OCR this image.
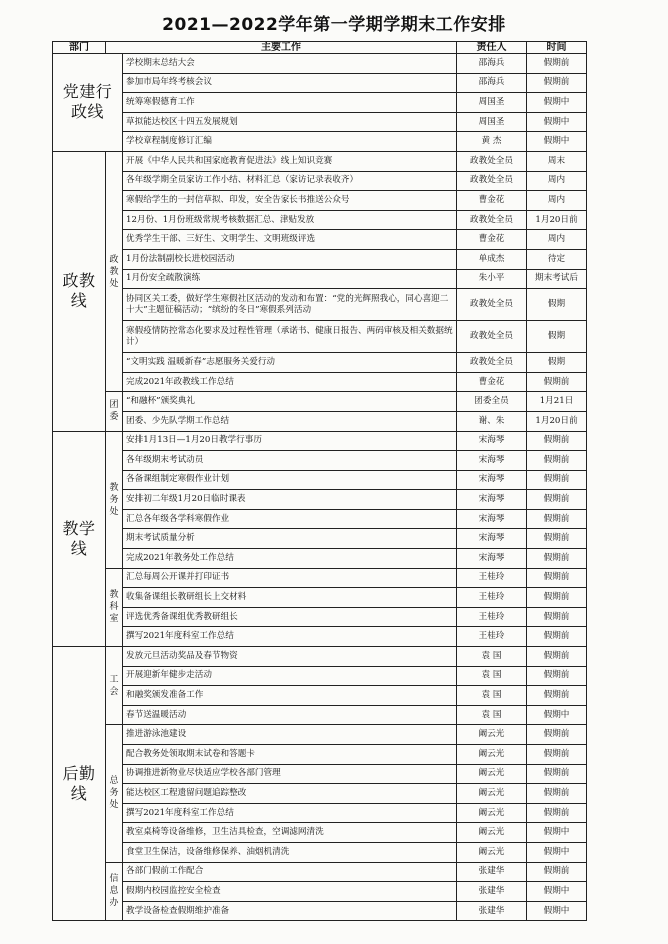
2021—2022学年第一学期学期末工作安排
部门	主要工作		责任人	时间
党建行政线		学校期末总结大会	邵海兵	假期前
		参加市局年终考核会议	邵海兵	假期前
		统筹寒假德育工作	周国圣	假期中
		草拟能达校区十四五发展规划	周国圣	假期中
		学校章程制度修订汇编	黄 杰	假期中
政教线	政教处	开展《中华人民共和国家庭教育促进法》线上知识竞赛	政教处全员	周末
		各年级学期全员家访工作小结、材料汇总（家访记录表收齐）	政教处全员	周内
		寒假给学生的一封信草拟、印发，安全告家长书推送公众号	曹金花	周内
		12月份、1月份班级常规考核数据汇总、津贴发放	政教处全员	1月20日前
		优秀学生干部、三好生、文明学生、文明班级评选	曹金花	周内
		1月份法制副校长进校园活动	单成杰	待定
		1月份安全疏散演练	朱小平	期末考试后
		协同区关工委，做好学生寒假社区活动的发动和布置：“党的光辉照我心，同心喜迎二十大”主题征稿活动；“缤纷的冬日”寒假系列活动	政教处全员	假期
		寒假疫情防控常态化要求及过程性管理（承诺书、健康日报告、两码审核及相关数据统计）	政教处全员	假期
		“文明实践 温暖新春”志愿服务关爱行动	政教处全员	假期
		完成2021年政教线工作总结	曹金花	假期前
	团委	“和融杯”颁奖典礼	团委全员	1月21日
		团委、少先队学期工作总结	谢、朱	1月20日前
教学线	教务处	安排1月13日—1月20日教学行事历	宋海琴	假期前
		各年级期末考试动员	宋海琴	假期前
		各备课组制定寒假作业计划	宋海琴	假期前
		安排初二年级1月20日临时课表	宋海琴	假期前
		汇总各年级各学科寒假作业	宋海琴	假期前
		期末考试质量分析	宋海琴	假期前
		完成2021年教务处工作总结	宋海琴	假期前
	教科室	汇总每周公开课并打印证书	王桂玲	假期前
		收集备课组长教研组长上交材料	王桂玲	假期前
		评选优秀备课组优秀教研组长	王桂玲	假期前
		撰写2021年度科室工作总结	王桂玲	假期前
后勤线	工会	发放元旦活动奖品及春节物资	袁 国	假期前
		开展迎新年健步走活动	袁 国	假期前
		和融奖颁发准备工作	袁 国	假期前
		春节送温暖活动	袁 国	假期中
	总务处	推进游泳池建设	阚云光	假期前
		配合教务处领取期末试卷和答题卡	阚云光	假期前
		协调推进新物业尽快适应学校各部门管理	阚云光	假期前
		能达校区工程遗留问题追踪整改	阚云光	假期前
		撰写2021年度科室工作总结	阚云光	假期前
		教室桌椅等设备维修，卫生洁具检查，空调滤网清洗	阚云光	假期中
		食堂卫生保洁，设备维修保养、油烟机清洗	阚云光	假期中
	信息办	各部门假前工作配合	张建华	假期前
		假期内校园监控安全检查	张建华	假期中
		教学设备检查假期维护准备	张建华	假期中
